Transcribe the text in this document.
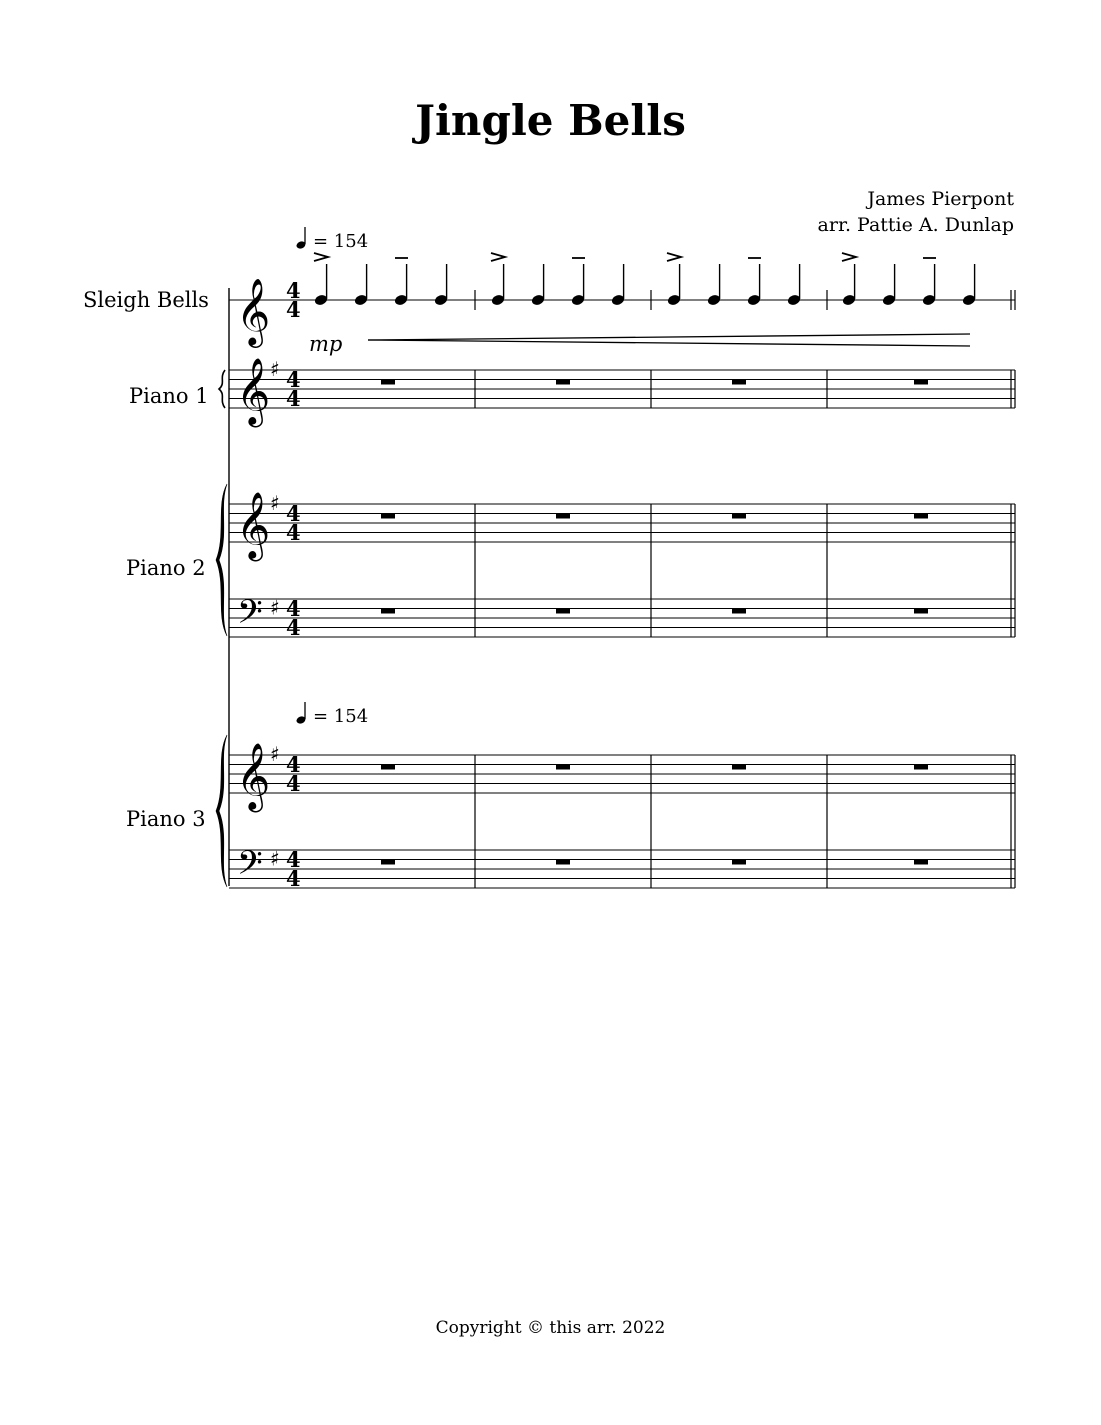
Jingle Bells
James Pierpont
arr. Pattie A. Dunlap
Sleigh Bells
Piano 1
Piano 2
Piano 3
𝄞
𝄞
𝄞
𝄢
𝄞
𝄢
♯
♯
♯
♯
♯
4
4
4
4
4
4
4
4
4
4
4
4
= 154
= 154
mp
Copyright © this arr. 2022
